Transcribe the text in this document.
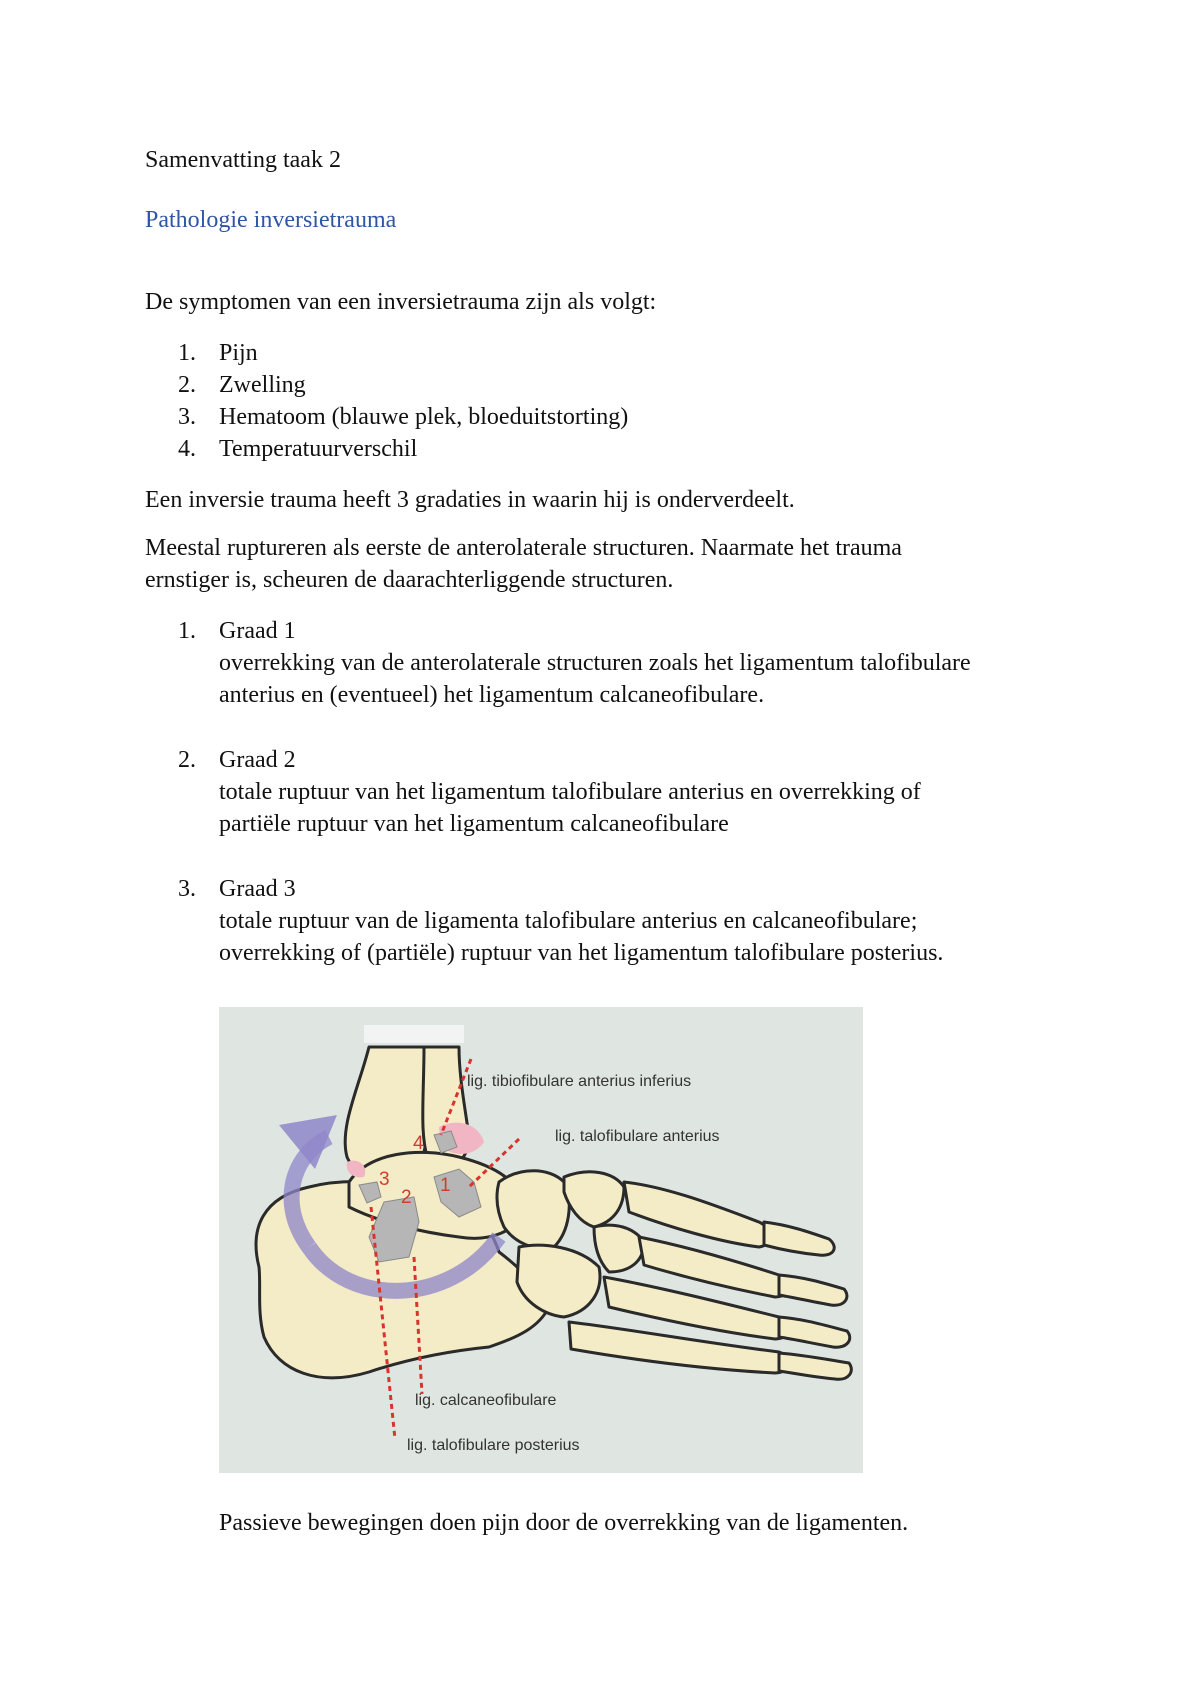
Samenvatting taak 2
Pathologie inversietrauma
De symptomen van een inversietrauma zijn als volgt:
1. Pijn
2. Zwelling
3. Hematoom (blauwe plek, bloeduitstorting)
4. Temperatuurverschil
Een inversie trauma heeft 3 gradaties in waarin hij is onderverdeelt.
Meestal ruptureren als eerste de anterolaterale structuren. Naarmate het trauma
ernstiger is, scheuren de daarachterliggende structuren.
1. Graad 1
overrekking van de anterolaterale structuren zoals het ligamentum talofibulare
anterius en (eventueel) het ligamentum calcaneofibulare.
2. Graad 2
totale ruptuur van het ligamentum talofibulare anterius en overrekking of
partiële ruptuur van het ligamentum calcaneofibulare
3. Graad 3
totale ruptuur van de ligamenta talofibulare anterius en calcaneofibulare;
overrekking of (partiële) ruptuur van het ligamentum talofibulare posterius.
4
1
2
3
lig. tibiofibulare anterius inferius
lig. talofibulare anterius
lig. calcaneofibulare
lig. talofibulare posterius
Passieve bewegingen doen pijn door de overrekking van de ligamenten.
